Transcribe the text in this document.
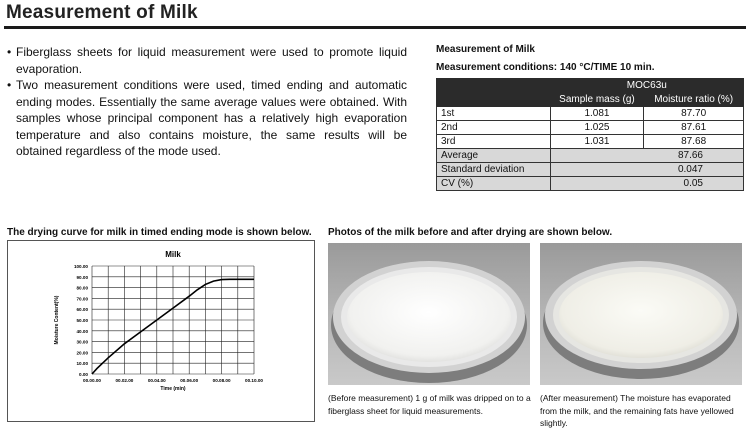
Measurement of Milk
• Fiberglass sheets for liquid measurement were used to promote liquid evaporation.
• Two measurement conditions were used, timed ending and automatic ending modes. Essentially the same average values were obtained. With samples whose principal component has a relatively high evaporation temperature and also contains moisture, the same results will be obtained regardless of the mode used.
Measurement of Milk
Measurement conditions: 140 °C/TIME 10 min.
	MOC63u	
	Sample mass (g)	Moisture ratio (%)
1st	1.081	87.70
2nd	1.025	87.61
3rd	1.031	87.68
Average	87.66	
Standard deviation	0.047	
CV (%)	0.05	
The drying curve for milk in timed ending mode is shown below. Photos of the milk before and after drying are shown below.
Milk
0.00
10.00
20.00
30.00
40.00
50.00
60.00
70.00
80.00
90.00
100.00
00.00.00	00.02.00	00.04.00	00.06.00	00.08.00	00.10.00
Time (min)
Moisture Content(%)
(Before measurement) 1 g of milk was dripped on to a fiberglass sheet for liquid measurements.
(After measurement) The moisture has evaporated from the milk, and the remaining fats have yellowed slightly.
